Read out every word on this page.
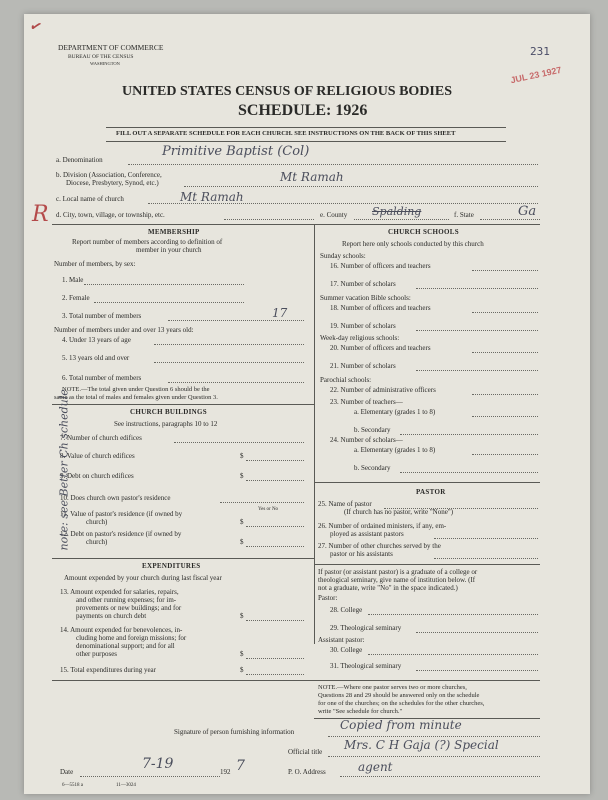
✓
DEPARTMENT OF COMMERCE
BUREAU OF THE CENSUS
WASHINGTON
UNITED STATES CENSUS OF RELIGIOUS BODIES
SCHEDULE: 1926
231
JUL 23 1927
FILL OUT A SEPARATE SCHEDULE FOR EACH CHURCH. SEE INSTRUCTIONS ON THE BACK OF THIS SHEET
a. Denomination
Primitive Baptist (Col)
b. Division (Association, Conference,
Diocese, Presbytery, Synod, etc.)	Mt Ramah
c. Local name of church	Mt Ramah
d. City, town, village, or township, etc.	e. County Spalding	f. State	Ga
R
MEMBERSHIP
Report number of members according to definition of
member in your church
Number of members, by sex:
1. Male
2. Female
3. Total number of members	17
Number of members under and over 13 years old:
4. Under 13 years of age
5. 13 years old and over
6. Total number of members
NOTE.—The total given under Question 6 should be the
same as the total of males and females given under Question 3.
CHURCH BUILDINGS
See instructions, paragraphs 10 to 12
7. Number of church edifices
8. Value of church edifices	$
9. Debt on church edifices	$
10. Does church own pastor's residence
Yes or No
11. Value of pastor's residence (if owned by
church)	$
12. Debt on pastor's residence (if owned by
church)	$
EXPENDITURES
Amount expended by your church during last fiscal year
13. Amount expended for salaries, repairs,
and other running expenses; for im-
provements or new buildings; and for
payments on church debt	$
14. Amount expended for benevolences, in-
cluding home and foreign missions; for
denominational support; and for all
other purposes	$
15. Total expenditures during year	$
CHURCH SCHOOLS
Report here only schools conducted by this church
Sunday schools:
16. Number of officers and teachers
17. Number of scholars
Summer vacation Bible schools:
18. Number of officers and teachers
19. Number of scholars
Week-day religious schools:
20. Number of officers and teachers
21. Number of scholars
Parochial schools:
22. Number of administrative officers
23. Number of teachers—
a. Elementary (grades 1 to 8)
b. Secondary
24. Number of scholars—
a. Elementary (grades 1 to 8)
b. Secondary
PASTOR
25. Name of pastor
(If church has no pastor, write "None")
26. Number of ordained ministers, if any, em-
ployed as assistant pastors
27. Number of other churches served by the
pastor or his assistants
If pastor (or assistant pastor) is a graduate of a college or
theological seminary, give name of institution below. (If
not a graduate, write "No" in the space indicated.)
Pastor:
28. College
29. Theological seminary
Assistant pastor:
30. College
31. Theological seminary
NOTE.—Where one pastor serves two or more churches,
Questions 28 and 29 should be answered only on the schedule
for one of the churches; on the schedules for the other churches,
write "See schedule for church."
note: see Better Ch schedule
Signature of person furnishing information	Copied from minute
Official title Mrs. C H Gaja (?) Special
Date	7-19	192 7	P. O. Address	agent
6—5518 a	11—3024
